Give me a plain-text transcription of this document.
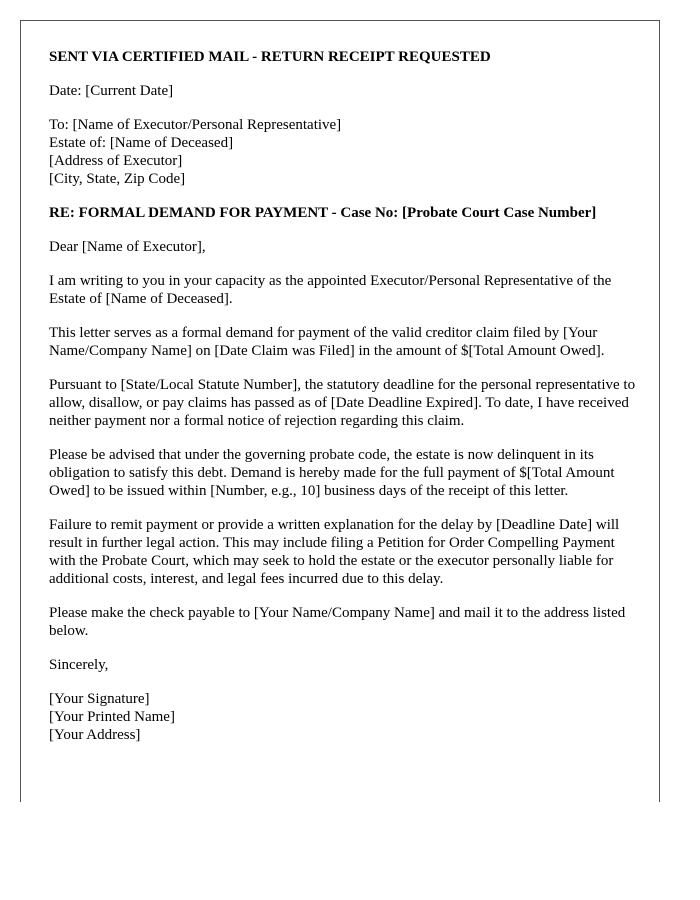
SENT VIA CERTIFIED MAIL - RETURN RECEIPT REQUESTED

Date: [Current Date]

To: [Name of Executor/Personal Representative]
Estate of: [Name of Deceased]
[Address of Executor]
[City, State, Zip Code]

RE: FORMAL DEMAND FOR PAYMENT - Case No: [Probate Court Case Number]

Dear [Name of Executor],

I am writing to you in your capacity as the appointed Executor/Personal Representative of the Estate of [Name of Deceased].

This letter serves as a formal demand for payment of the valid creditor claim filed by [Your Name/Company Name] on [Date Claim was Filed] in the amount of $[Total Amount Owed].

Pursuant to [State/Local Statute Number], the statutory deadline for the personal representative to allow, disallow, or pay claims has passed as of [Date Deadline Expired]. To date, I have received neither payment nor a formal notice of rejection regarding this claim.

Please be advised that under the governing probate code, the estate is now delinquent in its obligation to satisfy this debt. Demand is hereby made for the full payment of $[Total Amount Owed] to be issued within [Number, e.g., 10] business days of the receipt of this letter.

Failure to remit payment or provide a written explanation for the delay by [Deadline Date] will result in further legal action. This may include filing a Petition for Order Compelling Payment with the Probate Court, which may seek to hold the estate or the executor personally liable for additional costs, interest, and legal fees incurred due to this delay.

Please make the check payable to [Your Name/Company Name] and mail it to the address listed below.

Sincerely,

[Your Signature]
[Your Printed Name]
[Your Address]
